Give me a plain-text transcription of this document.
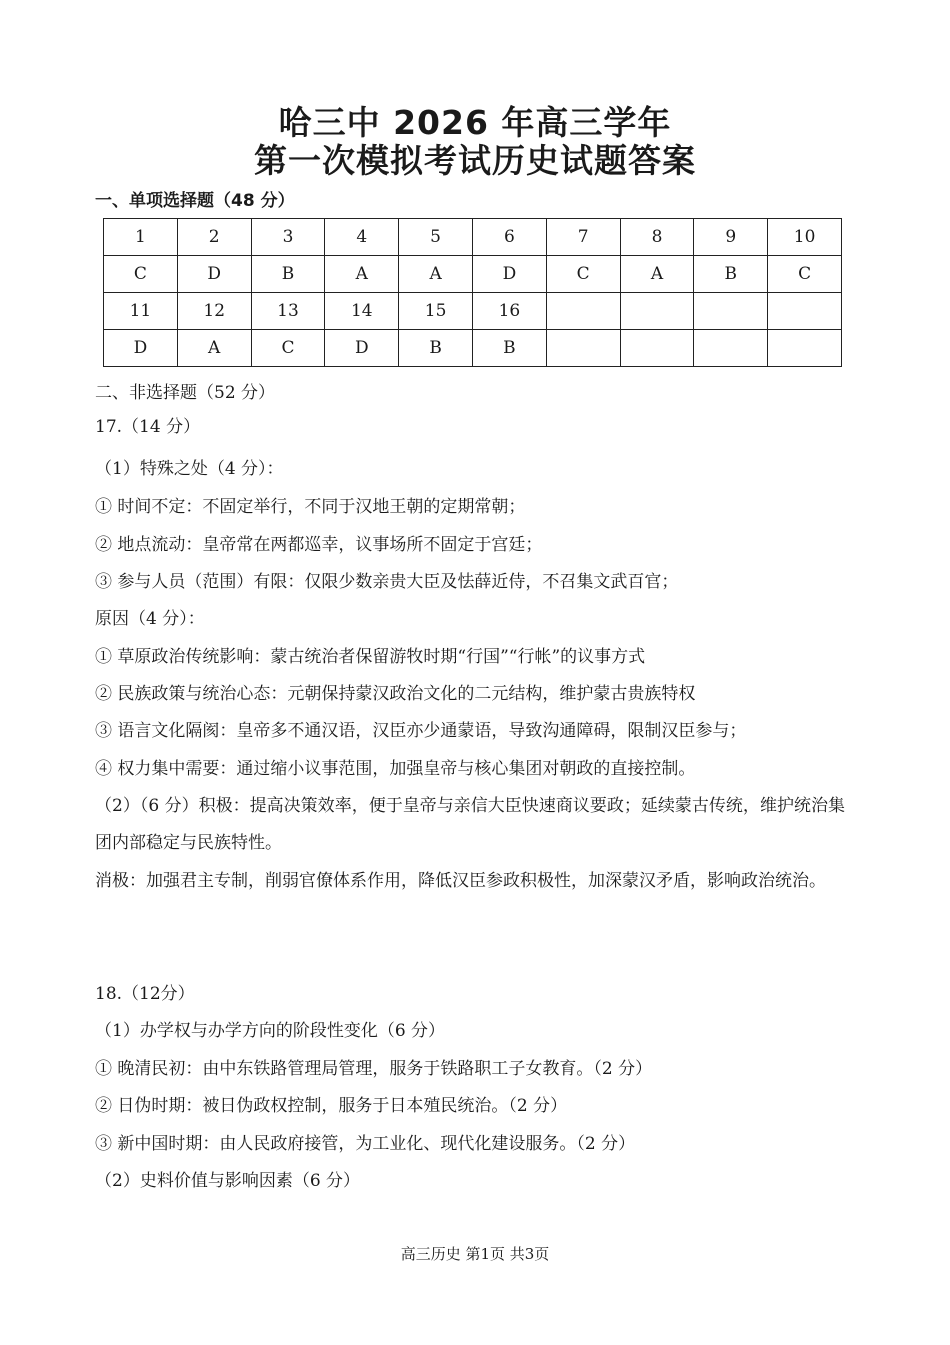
哈三中 2026 年高三学年
第一次模拟考试历史试题答案
一、单项选择题（48 分）
1	2	3	4	5	6	7	8	9	10
C	D	B	A	A	D	C	A	B	C
11	12	13	14	15	16				
D	A	C	D	B	B				
二、非选择题（52 分）
17.（14 分）
（1）特殊之处（4 分）：
① 时间不定：不固定举行，不同于汉地王朝的定期常朝；
② 地点流动：皇帝常在两都巡幸，议事场所不固定于宫廷；
③ 参与人员（范围）有限：仅限少数亲贵大臣及怯薛近侍，不召集文武百官；
原因（4 分）：
① 草原政治传统影响：蒙古统治者保留游牧时期“行国”“行帐”的议事方式
② 民族政策与统治心态：元朝保持蒙汉政治文化的二元结构，维护蒙古贵族特权
③ 语言文化隔阂：皇帝多不通汉语，汉臣亦少通蒙语，导致沟通障碍，限制汉臣参与；
④ 权力集中需要：通过缩小议事范围，加强皇帝与核心集团对朝政的直接控制。
（2）（6 分）积极：提高决策效率，便于皇帝与亲信大臣快速商议要政；延续蒙古传统，维护统治集团内部稳定与民族特性。
消极：加强君主专制，削弱官僚体系作用，降低汉臣参政积极性，加深蒙汉矛盾，影响政治统治。
18.（12分）
（1）办学权与办学方向的阶段性变化（6 分）
① 晚清民初：由中东铁路管理局管理，服务于铁路职工子女教育。（2 分）
② 日伪时期：被日伪政权控制，服务于日本殖民统治。（2 分）
③ 新中国时期：由人民政府接管，为工业化、现代化建设服务。（2 分）
（2）史料价值与影响因素（6 分）
高三历史 第1页 共3页
